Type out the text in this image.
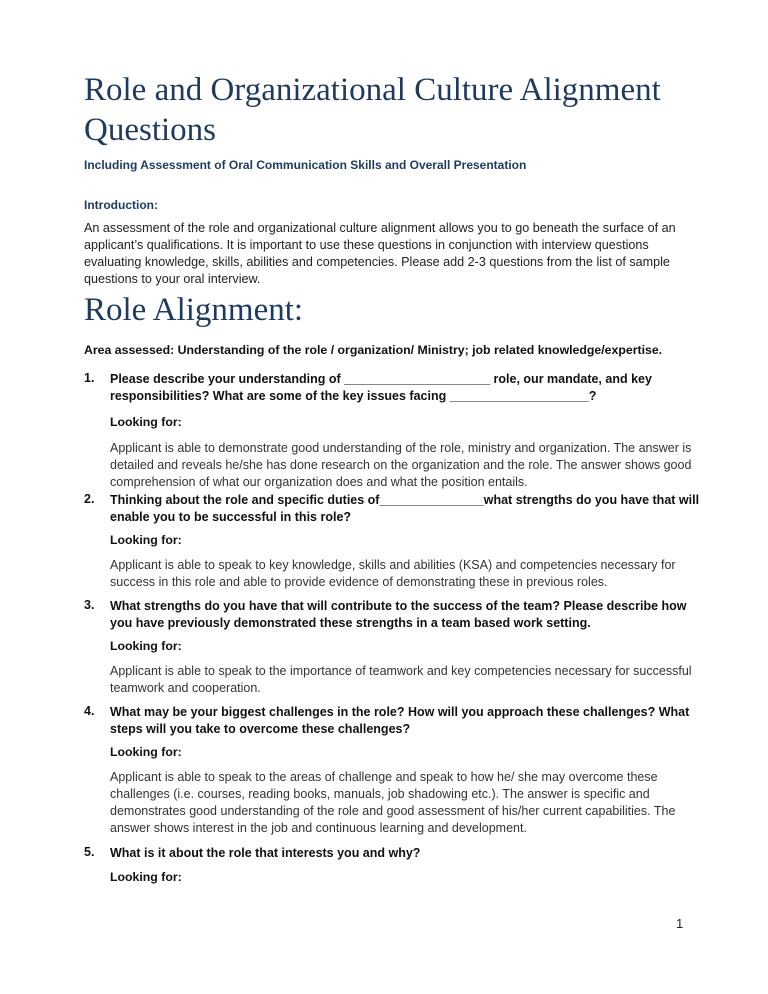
Role and Organizational Culture Alignment Questions
Including Assessment of Oral Communication Skills and Overall Presentation
Introduction:

An assessment of the role and organizational culture alignment allows you to go beneath the surface of an applicant’s qualifications. It is important to use these questions in conjunction with interview questions evaluating knowledge, skills, abilities and competencies. Please add 2-3 questions from the list of sample questions to your oral interview.

Role Alignment:
Area assessed: Understanding of the role / organization/ Ministry; job related knowledge/expertise.
1. Please describe your understanding of _____________________ role, our mandate, and key responsibilities? What are some of the key issues facing ____________________?
Looking for:
Applicant is able to demonstrate good understanding of the role, ministry and organization. The answer is detailed and reveals he/she has done research on the organization and the role. The answer shows good comprehension of what our organization does and what the position entails.
2. Thinking about the role and specific duties of_______________what strengths do you have that will enable you to be successful in this role?
Looking for:
Applicant is able to speak to key knowledge, skills and abilities (KSA) and competencies necessary for success in this role and able to provide evidence of demonstrating these in previous roles.
3. What strengths do you have that will contribute to the success of the team? Please describe how you have previously demonstrated these strengths in a team based work setting.
Looking for:
Applicant is able to speak to the importance of teamwork and key competencies necessary for successful teamwork and cooperation.
4. What may be your biggest challenges in the role? How will you approach these challenges? What steps will you take to overcome these challenges?
Looking for:
Applicant is able to speak to the areas of challenge and speak to how he/ she may overcome these challenges (i.e. courses, reading books, manuals, job shadowing etc.). The answer is specific and demonstrates good understanding of the role and good assessment of his/her current capabilities. The answer shows interest in the job and continuous learning and development.
5. What is it about the role that interests you and why?
Looking for:
1
